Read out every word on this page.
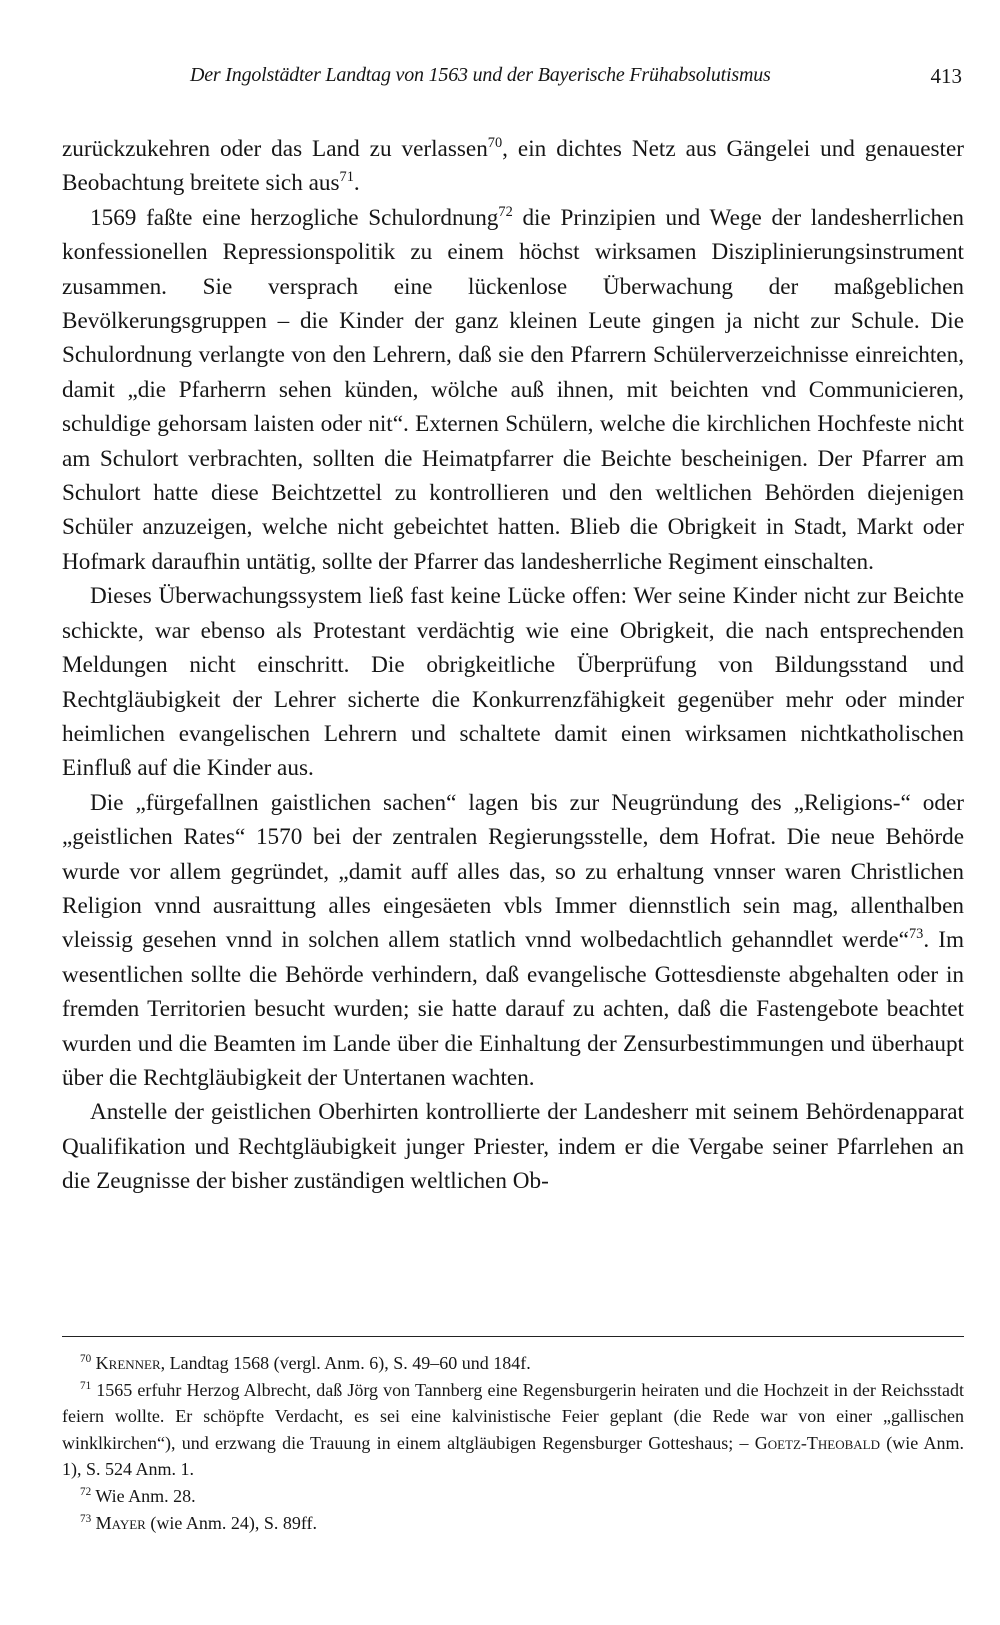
Der Ingolstädter Landtag von 1563 und der Bayerische Frühabsolutismus	413

zurückzukehren oder das Land zu verlassen$^{70}$, ein dichtes Netz aus Gängelei und genauester Beobachtung breitete sich aus$^{71}$.

1569 faßte eine herzogliche Schulordnung$^{72}$ die Prinzipien und Wege der landesherrlichen konfessionellen Repressionspolitik zu einem höchst wirksamen Disziplinierungsinstrument zusammen. Sie versprach eine lückenlose Überwachung der maßgeblichen Bevölkerungsgruppen – die Kinder der ganz kleinen Leute gingen ja nicht zur Schule. Die Schulordnung verlangte von den Lehrern, daß sie den Pfarrern Schülerverzeichnisse einreichten, damit „die Pfarherrn sehen künden, wölche auß ihnen, mit beichten vnd Communicieren, schuldige gehorsam laisten oder nit“. Externen Schülern, welche die kirchlichen Hochfeste nicht am Schulort verbrachten, sollten die Heimatpfarrer die Beichte bescheinigen. Der Pfarrer am Schulort hatte diese Beichtzettel zu kontrollieren und den weltlichen Behörden diejenigen Schüler anzuzeigen, welche nicht gebeichtet hatten. Blieb die Obrigkeit in Stadt, Markt oder Hofmark daraufhin untätig, sollte der Pfarrer das landesherrliche Regiment einschalten.

Dieses Überwachungssystem ließ fast keine Lücke offen: Wer seine Kinder nicht zur Beichte schickte, war ebenso als Protestant verdächtig wie eine Obrigkeit, die nach entsprechenden Meldungen nicht einschritt. Die obrigkeitliche Überprüfung von Bildungsstand und Rechtgläubigkeit der Lehrer sicherte die Konkurrenzfähigkeit gegenüber mehr oder minder heimlichen evangelischen Lehrern und schaltete damit einen wirksamen nichtkatholischen Einfluß auf die Kinder aus.

Die „fürgefallnen gaistlichen sachen“ lagen bis zur Neugründung des „Religions-“ oder „geistlichen Rates“ 1570 bei der zentralen Regierungsstelle, dem Hofrat. Die neue Behörde wurde vor allem gegründet, „damit auff alles das, so zu erhaltung vnnser waren Christlichen Religion vnnd ausraittung alles eingesäeten vbls Immer diennstlich sein mag, allenthalben vleissig gesehen vnnd in solchen allem statlich vnnd wolbedachtlich gehanndlet werde“$^{73}$. Im wesentlichen sollte die Behörde verhindern, daß evangelische Gottesdienste abgehalten oder in fremden Territorien besucht wurden; sie hatte darauf zu achten, daß die Fastengebote beachtet wurden und die Beamten im Lande über die Einhaltung der Zensurbestimmungen und überhaupt über die Rechtgläubigkeit der Untertanen wachten.

Anstelle der geistlichen Oberhirten kontrollierte der Landesherr mit seinem Behördenapparat Qualifikation und Rechtgläubigkeit junger Priester, indem er die Vergabe seiner Pfarrlehen an die Zeugnisse der bisher zuständigen weltlichen Ob-

$^{70}$ Krenner, Landtag 1568 (vergl. Anm. 6), S. 49–60 und 184f.

$^{71}$ 1565 erfuhr Herzog Albrecht, daß Jörg von Tannberg eine Regensburgerin heiraten und die Hochzeit in der Reichsstadt feiern wollte. Er schöpfte Verdacht, es sei eine kalvinistische Feier geplant (die Rede war von einer „gallischen winklkirchen“), und erzwang die Trauung in einem altgläubigen Regensburger Gotteshaus; – Goetz-Theobald (wie Anm. 1), S. 524 Anm. 1.

$^{72}$ Wie Anm. 28.

$^{73}$ Mayer (wie Anm. 24), S. 89ff.
